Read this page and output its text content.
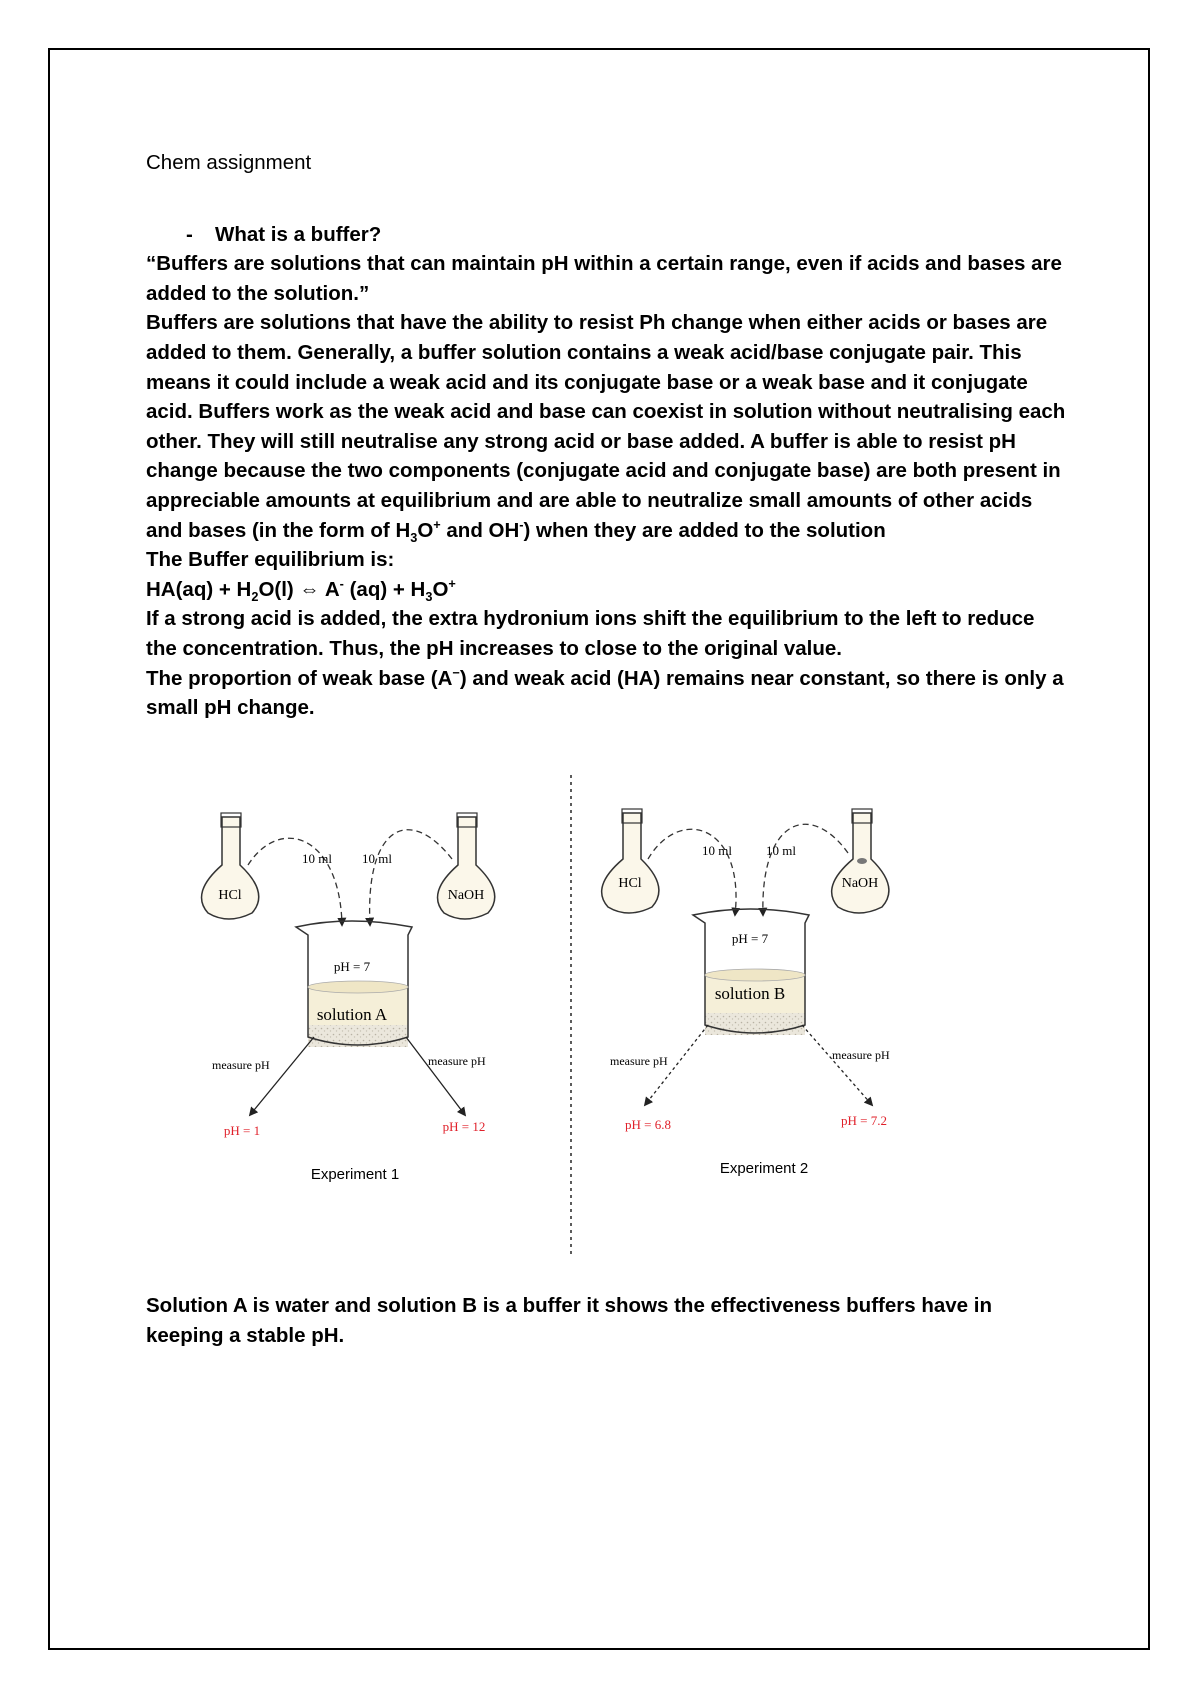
Chem assignment

-	What is a buffer?

“Buffers are solutions that can maintain pH within a certain range, even if acids and bases are added to the solution.”

Buffers are solutions that have the ability to resist Ph change when either acids or bases are added to them. Generally, a buffer solution contains a weak acid/base conjugate pair. This means it could include a weak acid and its conjugate base or a weak base and it conjugate acid. Buffers work as the weak acid and base can coexist in solution without neutralising each other. They will still neutralise any strong acid or base added. A buffer is able to resist pH change because the two components (conjugate acid and conjugate base) are both present in appreciable amounts at equilibrium and are able to neutralize small amounts of other acids and bases (in the form of $H_3O^+$ and OH-) when they are added to the solution

The Buffer equilibrium is:

$HA(aq) + H_2O(l)$ ⇔ A- $(aq) + H_3O^+$

If a strong acid is added, the extra hydronium ions shift the equilibrium to the left to reduce the concentration. Thus, the pH increases to close to the original value.

The proportion of weak base (A−) and weak acid (HA) remains near constant, so there is only a small pH change.

HCl	NaOH
10 ml 10 ml
pH = 7
solution A
measure pH	measure pH
pH = 1	pH = 12
Experiment 1
HCl	NaOH
10 ml	10 ml
pH = 7
solution B
measure pH	measure pH
pH = 6.8	pH = 7.2
Experiment 2

Solution A is water and solution B is a buffer it shows the effectiveness buffers have in keeping a stable pH.
